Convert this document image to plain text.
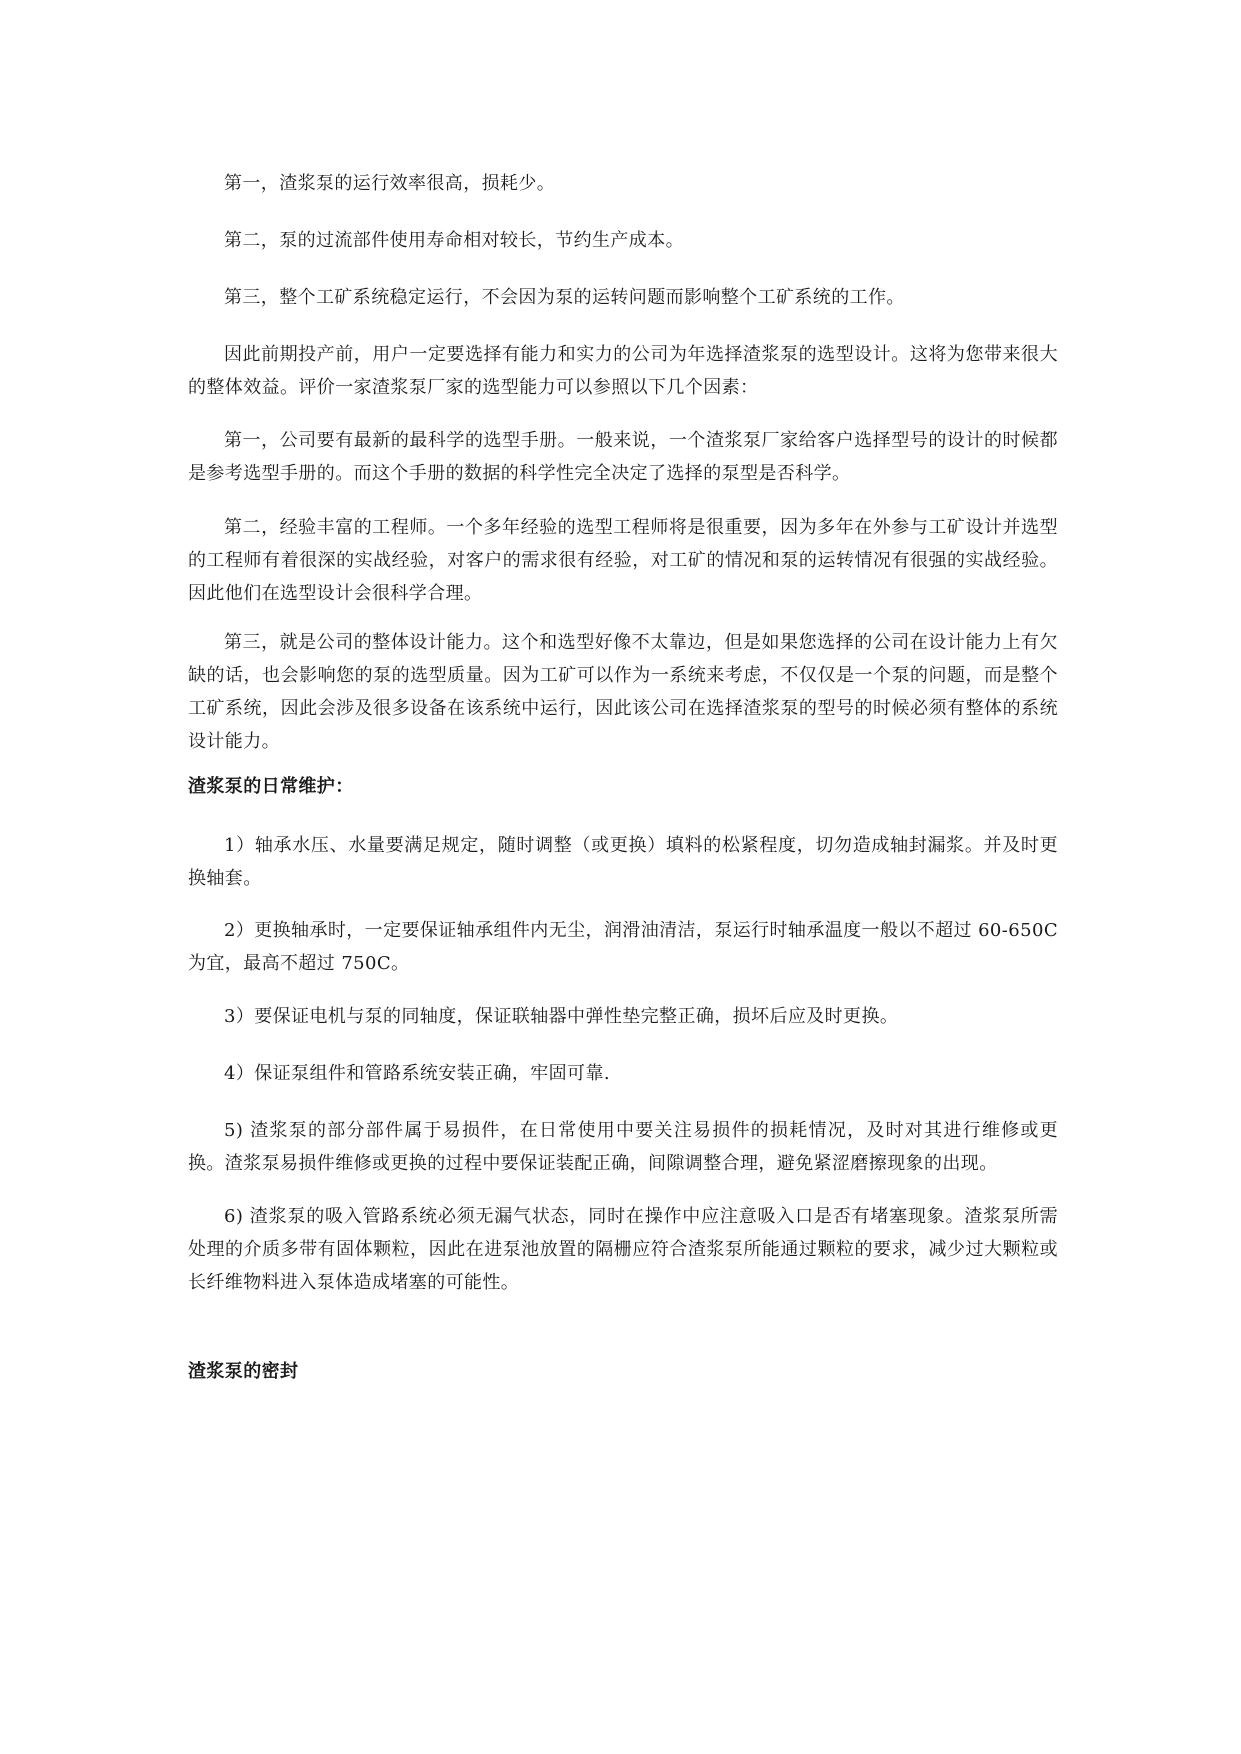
第一，渣浆泵的运行效率很高，损耗少。

第二，泵的过流部件使用寿命相对较长，节约生产成本。

第三，整个工矿系统稳定运行，不会因为泵的运转问题而影响整个工矿系统的工作。

因此前期投产前，用户一定要选择有能力和实力的公司为年选择渣浆泵的选型设计。这将为您带来很大的整体效益。评价一家渣浆泵厂家的选型能力可以参照以下几个因素：

第一，公司要有最新的最科学的选型手册。一般来说，一个渣浆泵厂家给客户选择型号的设计的时候都是参考选型手册的。而这个手册的数据的科学性完全决定了选择的泵型是否科学。

第二，经验丰富的工程师。一个多年经验的选型工程师将是很重要，因为多年在外参与工矿设计并选型的工程师有着很深的实战经验，对客户的需求很有经验，对工矿的情况和泵的运转情况有很强的实战经验。因此他们在选型设计会很科学合理。

第三，就是公司的整体设计能力。这个和选型好像不太靠边，但是如果您选择的公司在设计能力上有欠缺的话，也会影响您的泵的选型质量。因为工矿可以作为一系统来考虑，不仅仅是一个泵的问题，而是整个工矿系统，因此会涉及很多设备在该系统中运行，因此该公司在选择渣浆泵的型号的时候必须有整体的系统设计能力。

渣浆泵的日常维护：

1）轴承水压、水量要满足规定，随时调整（或更换）填料的松紧程度，切勿造成轴封漏浆。并及时更换轴套。

2）更换轴承时，一定要保证轴承组件内无尘，润滑油清洁，泵运行时轴承温度一般以不超过 60-650C 为宜，最高不超过 750C。

3）要保证电机与泵的同轴度，保证联轴器中弹性垫完整正确，损坏后应及时更换。

4）保证泵组件和管路系统安装正确，牢固可靠.

5) 渣浆泵的部分部件属于易损件，在日常使用中要关注易损件的损耗情况，及时对其进行维修或更换。渣浆泵易损件维修或更换的过程中要保证装配正确，间隙调整合理，避免紧涩磨擦现象的出现。

6) 渣浆泵的吸入管路系统必须无漏气状态，同时在操作中应注意吸入口是否有堵塞现象。渣浆泵所需处理的介质多带有固体颗粒，因此在进泵池放置的隔栅应符合渣浆泵所能通过颗粒的要求，减少过大颗粒或长纤维物料进入泵体造成堵塞的可能性。

渣浆泵的密封
